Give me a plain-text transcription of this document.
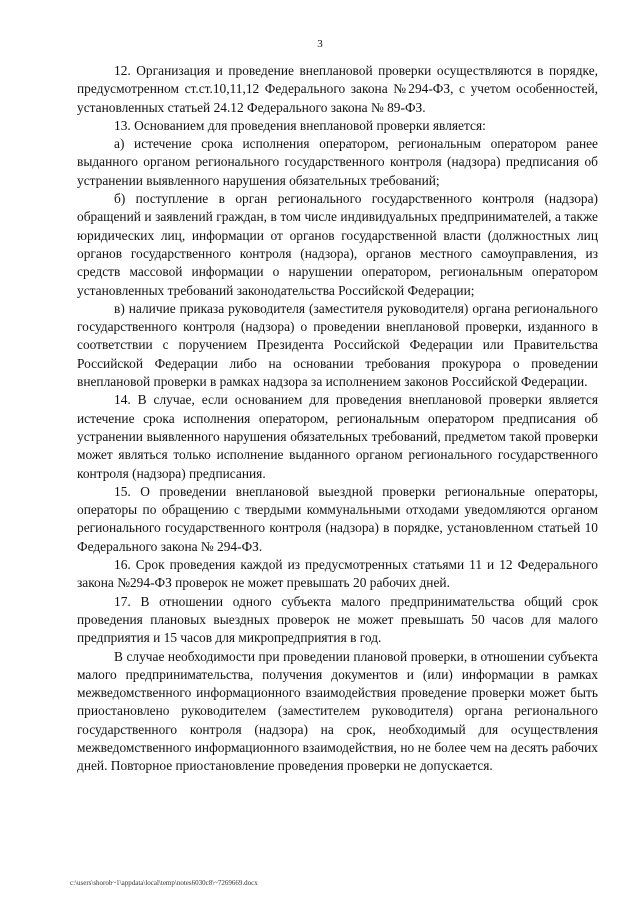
3

12. Организация и проведение внеплановой проверки осуществляются в порядке, предусмотренном ст.ст.10,11,12 Федерального закона №294-ФЗ, с учетом особенностей, установленных статьей 24.12 Федерального закона № 89-ФЗ.

13. Основанием для проведения внеплановой проверки является:

а) истечение срока исполнения оператором, региональным оператором ранее выданного органом регионального государственного контроля (надзора) предписания об устранении выявленного нарушения обязательных требований;

б) поступление в орган регионального государственного контроля (надзора) обращений и заявлений граждан, в том числе индивидуальных предпринимателей, а также юридических лиц, информации от органов государственной власти (должностных лиц органов государственного контроля (надзора), органов местного самоуправления, из средств массовой информации о нарушении оператором, региональным оператором установленных требований законодательства Российской Федерации;

в) наличие приказа руководителя (заместителя руководителя) органа регионального государственного контроля (надзора) о проведении внеплановой проверки, изданного в соответствии с поручением Президента Российской Федерации или Правительства Российской Федерации либо на основании требования прокурора о проведении внеплановой проверки в рамках надзора за исполнением законов Российской Федерации.

14. В случае, если основанием для проведения внеплановой проверки является истечение срока исполнения оператором, региональным оператором предписания об устранении выявленного нарушения обязательных требований, предметом такой проверки может являться только исполнение выданного органом регионального государственного контроля (надзора) предписания.

15. О проведении внеплановой выездной проверки региональные операторы, операторы по обращению с твердыми коммунальными отходами уведомляются органом регионального государственного контроля (надзора) в порядке, установленном статьей 10 Федерального закона № 294-ФЗ.

16. Срок проведения каждой из предусмотренных статьями 11 и 12 Федерального закона №294-ФЗ проверок не может превышать 20 рабочих дней.

17. В отношении одного субъекта малого предпринимательства общий срок проведения плановых выездных проверок не может превышать 50 часов для малого предприятия и 15 часов для микропредприятия в год.

В случае необходимости при проведении плановой проверки, в отношении субъекта малого предпринимательства, получения документов и (или) информации в рамках межведомственного информационного взаимодействия проведение проверки может быть приостановлено руководителем (заместителем руководителя) органа регионального государственного контроля (надзора) на срок, необходимый для осуществления межведомственного информационного взаимодействия, но не более чем на десять рабочих дней. Повторное приостановление проведения проверки не допускается.

c:\users\shorob~1\appdata\local\temp\notes6030c8\~7269669.docx
